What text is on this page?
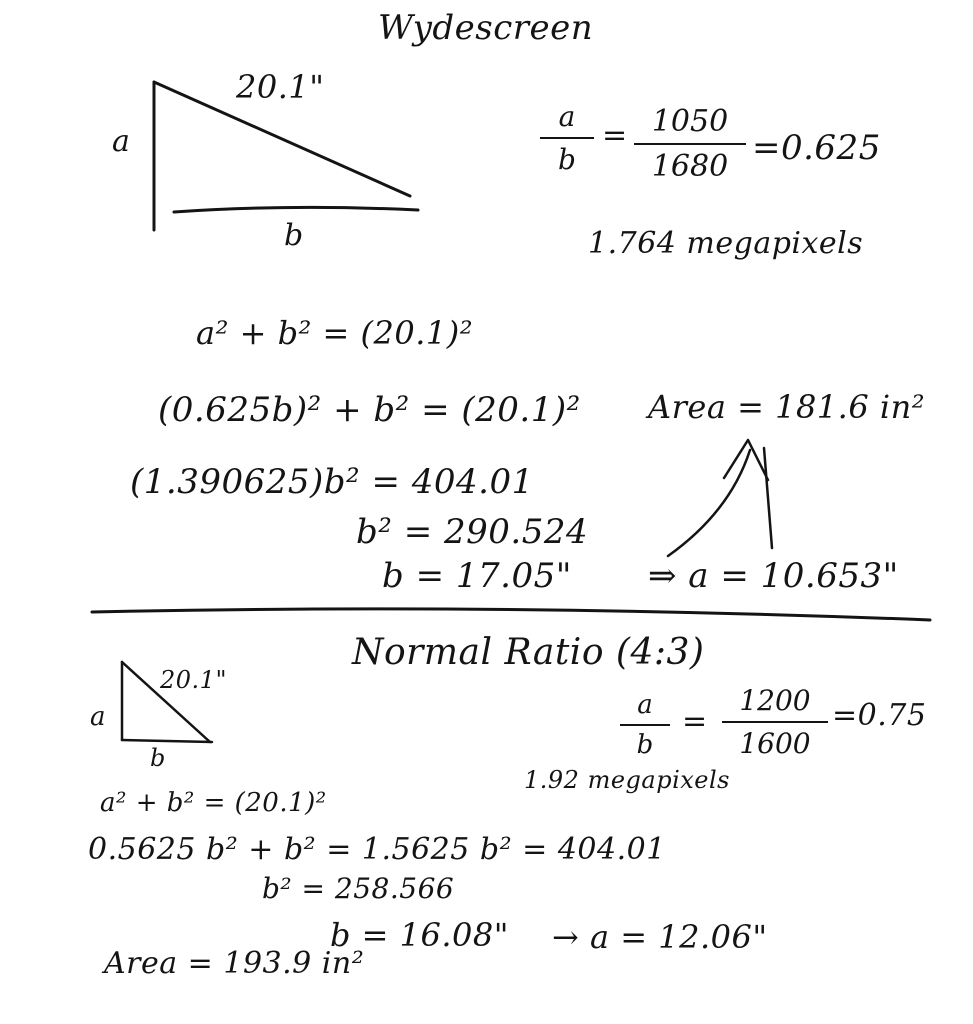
Wydescreen
20.1"
a
b
a
b
= 1050
1680 =0.625
1.764 megapixels
a² + b² = (20.1)²
(0.625b)² + b² = (20.1)²
(1.390625)b² = 404.01
b² = 290.524
b = 17.05" ⇒ a = 10.653"
Area = 181.6 in²
Normal Ratio (4:3)
20.1"
a
b
a
b
=
1200
1600
=0.75
1.92 megapixels
a² + b² = (20.1)²
0.5625 b² + b² = 1.5625 b² = 404.01
b² = 258.566
b = 16.08" → a = 12.06"
Area = 193.9 in²
